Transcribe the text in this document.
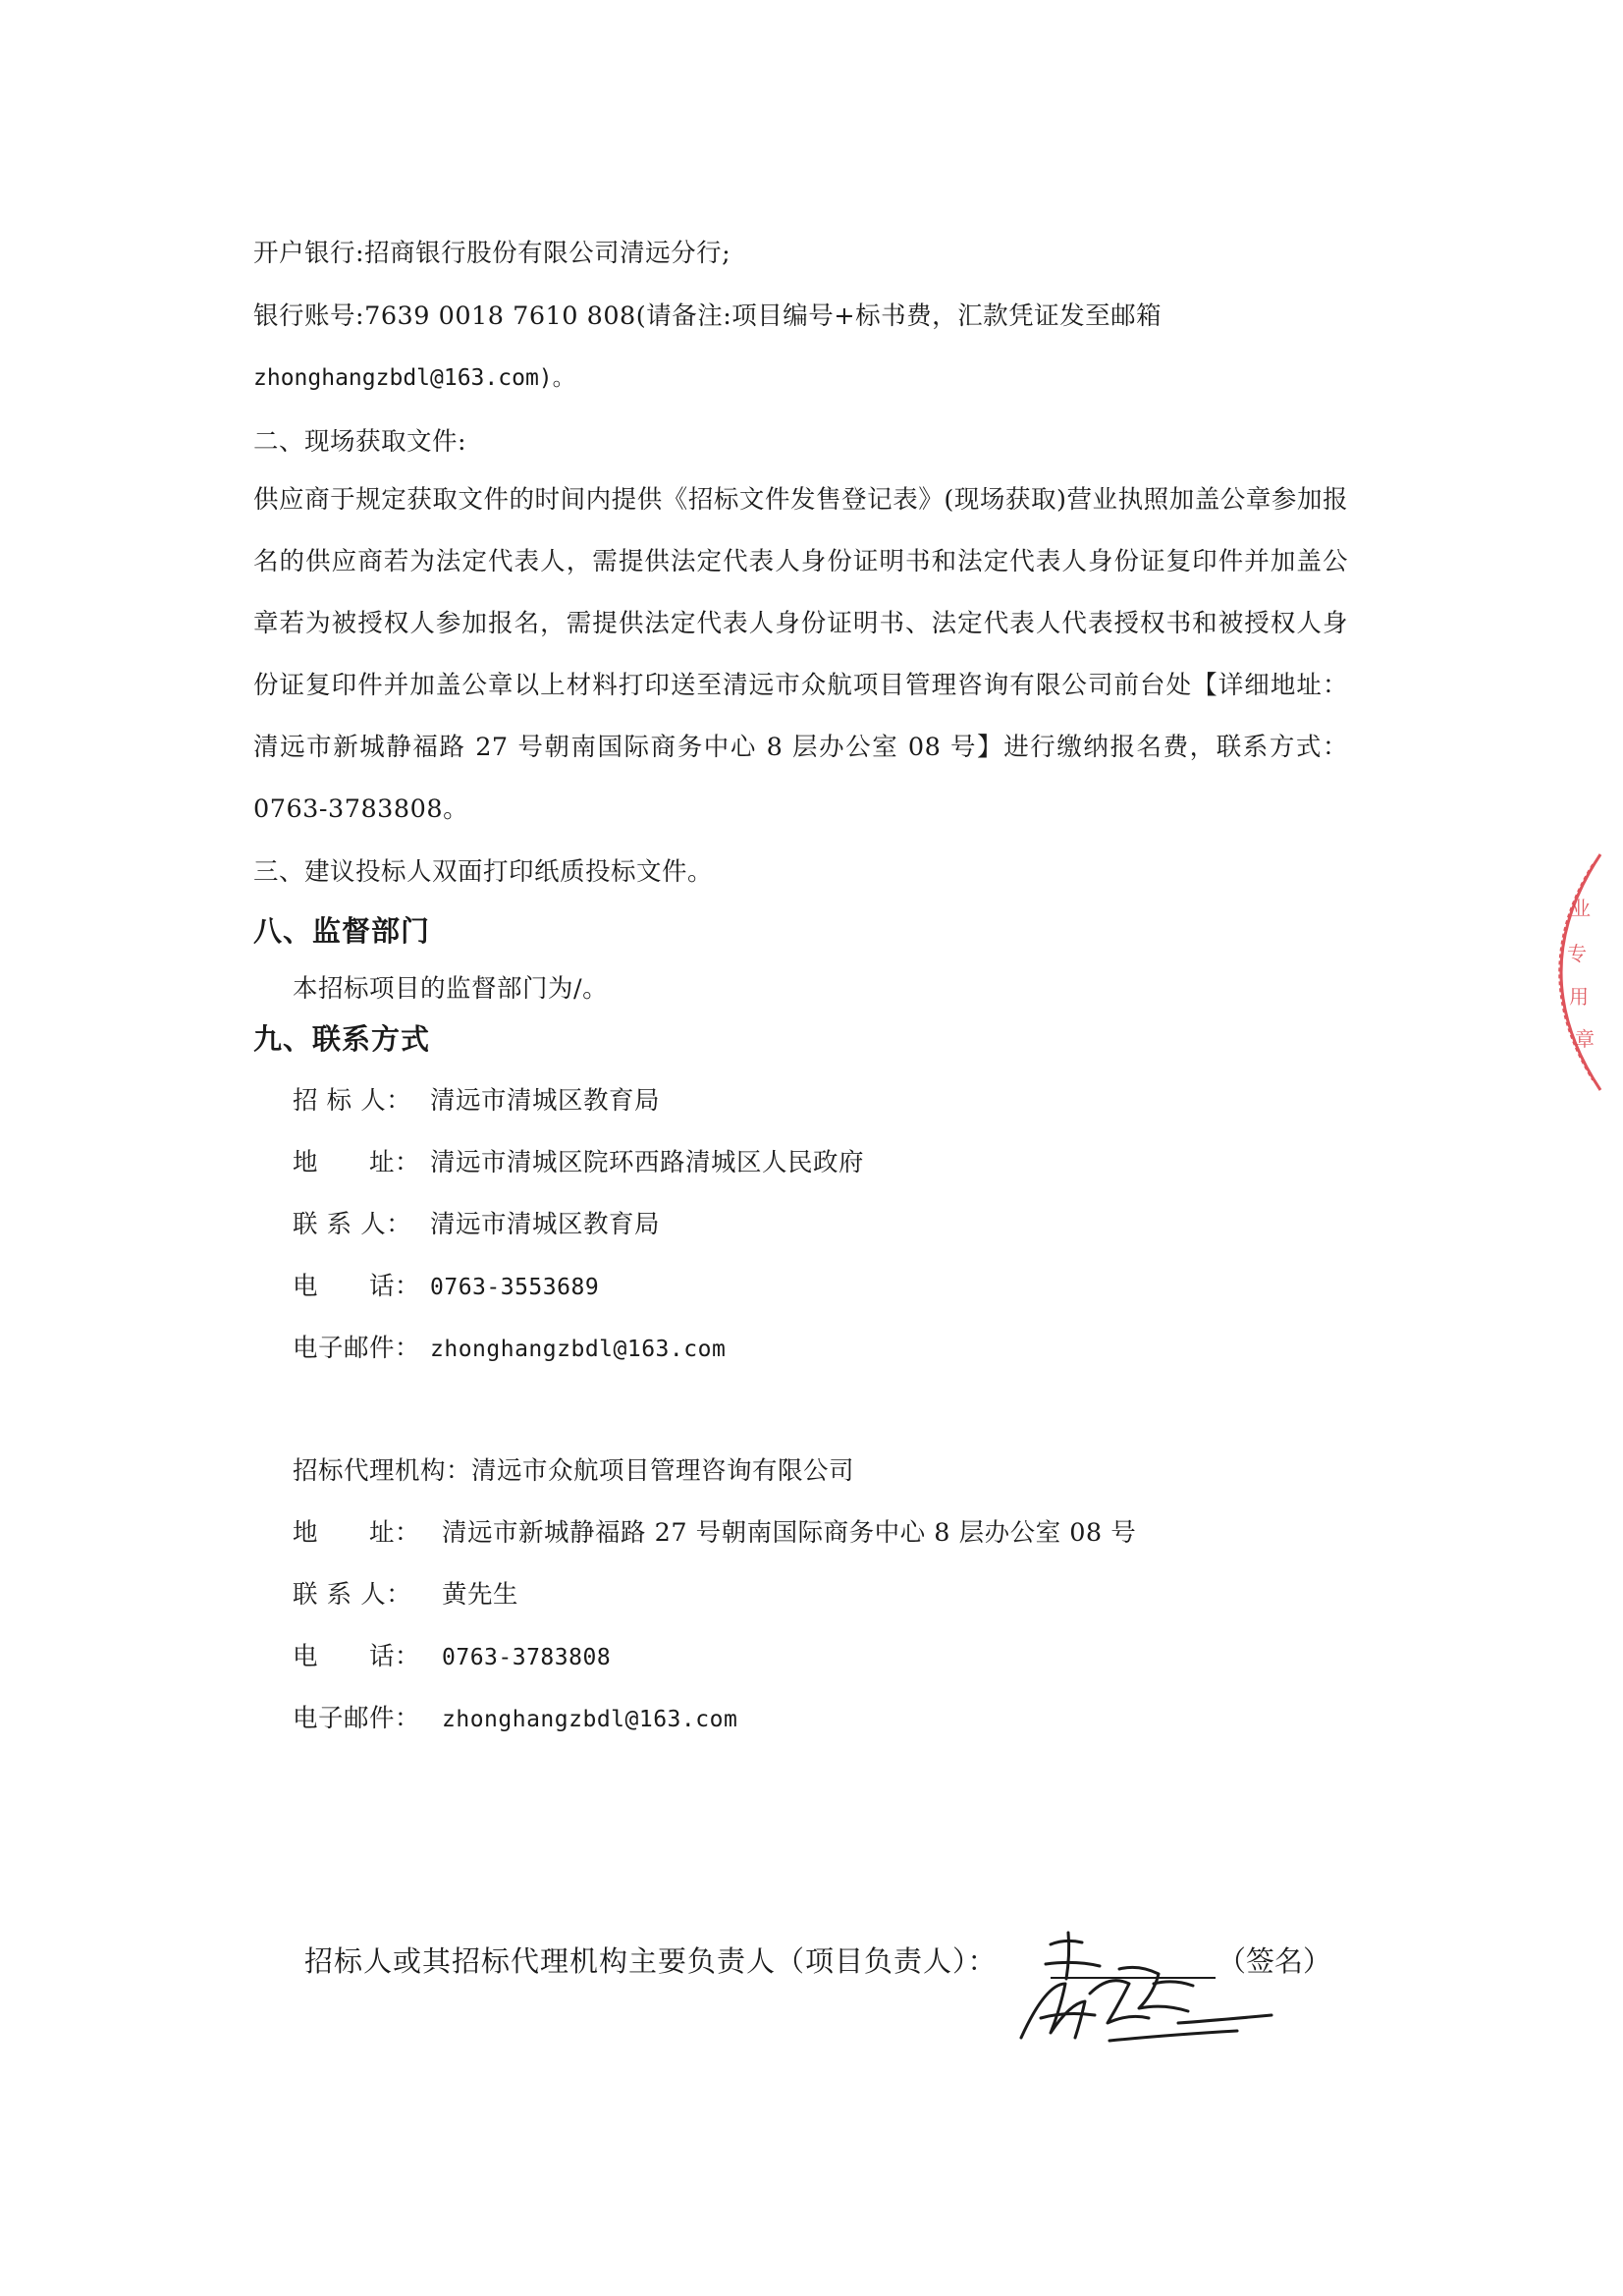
开户银行:招商银行股份有限公司清远分行;
银行账号:7639 0018 7610 808(请备注:项目编号+标书费，汇款凭证发至邮箱
zhonghangzbdl@163.com)。
二、现场获取文件:
供应商于规定获取文件的时间内提供《招标文件发售登记表》(现场获取)营业执照加盖公章参加报名的供应商若为法定代表人，需提供法定代表人身份证明书和法定代表人身份证复印件并加盖公章若为被授权人参加报名，需提供法定代表人身份证明书、法定代表人代表授权书和被授权人身份证复印件并加盖公章以上材料打印送至清远市众航项目管理咨询有限公司前台处【详细地址：清远市新城静福路 27 号朝南国际商务中心 8 层办公室 08 号】进行缴纳报名费，联系方式：0763-3783808。
三、建议投标人双面打印纸质投标文件。
八、监督部门
本招标项目的监督部门为/。
九、联系方式
招 标 人： 清远市清城区教育局
地　　址： 清远市清城区院环西路清城区人民政府
联 系 人： 清远市清城区教育局
电　　话： 0763-3553689
电子邮件： zhonghangzbdl@163.com
招标代理机构：清远市众航项目管理咨询有限公司
地　　址： 清远市新城静福路 27 号朝南国际商务中心 8 层办公室 08 号
联 系 人：	黄先生
电　　话： 0763-3783808
电子邮件： zhonghangzbdl@163.com
招标人或其招标代理机构主要负责人（项目负责人）：	（签名）
业
专
用
章
